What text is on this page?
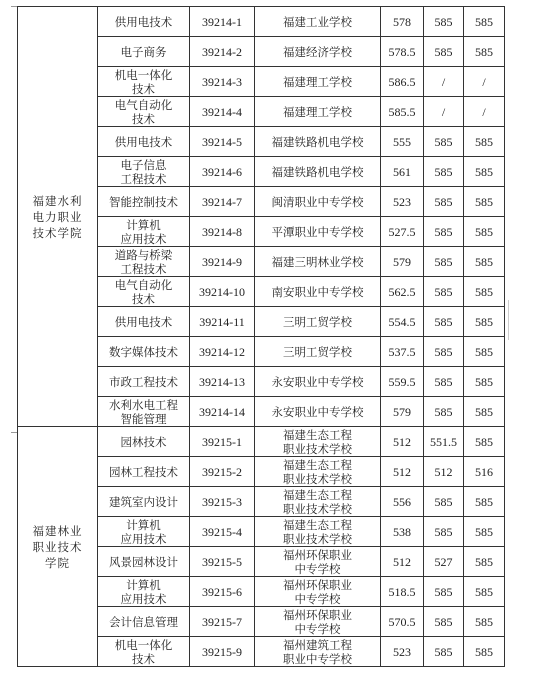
福建水利
电力职业
技术学院	供用电技术	39214-1	福建工业学校	578	585	585
	电子商务	39214-2	福建经济学校	578.5	585	585
	机电一体化
技术	39214-3	福建理工学校	586.5	/	/
	电气自动化
技术	39214-4	福建理工学校	585.5	/	/
	供用电技术	39214-5	福建铁路机电学校	555	585	585
	电子信息
工程技术	39214-6	福建铁路机电学校	561	585	585
	智能控制技术	39214-7	闽清职业中专学校	523	585	585
	计算机
应用技术	39214-8	平潭职业中专学校	527.5	585	585
	道路与桥梁
工程技术	39214-9	福建三明林业学校	579	585	585
	电气自动化
技术	39214-10	南安职业中专学校	562.5	585	585
	供用电技术	39214-11	三明工贸学校	554.5	585	585
	数字媒体技术	39214-12	三明工贸学校	537.5	585	585
	市政工程技术	39214-13	永安职业中专学校	559.5	585	585
	水利水电工程
智能管理	39214-14	永安职业中专学校	579	585	585
福建林业
职业技术
学院	园林技术	39215-1	福建生态工程
职业技术学校	512	551.5	585
	园林工程技术	39215-2	福建生态工程
职业技术学校	512	512	516
	建筑室内设计	39215-3	福建生态工程
职业技术学校	556	585	585
	计算机
应用技术	39215-4	福建生态工程
职业技术学校	538	585	585
	风景园林设计	39215-5	福州环保职业
中专学校	512	527	585
	计算机
应用技术	39215-6	福州环保职业
中专学校	518.5	585	585
	会计信息管理	39215-7	福州环保职业
中专学校	570.5	585	585
	机电一体化
技术	39215-9	福州建筑工程
职业中专学校	523	585	585
